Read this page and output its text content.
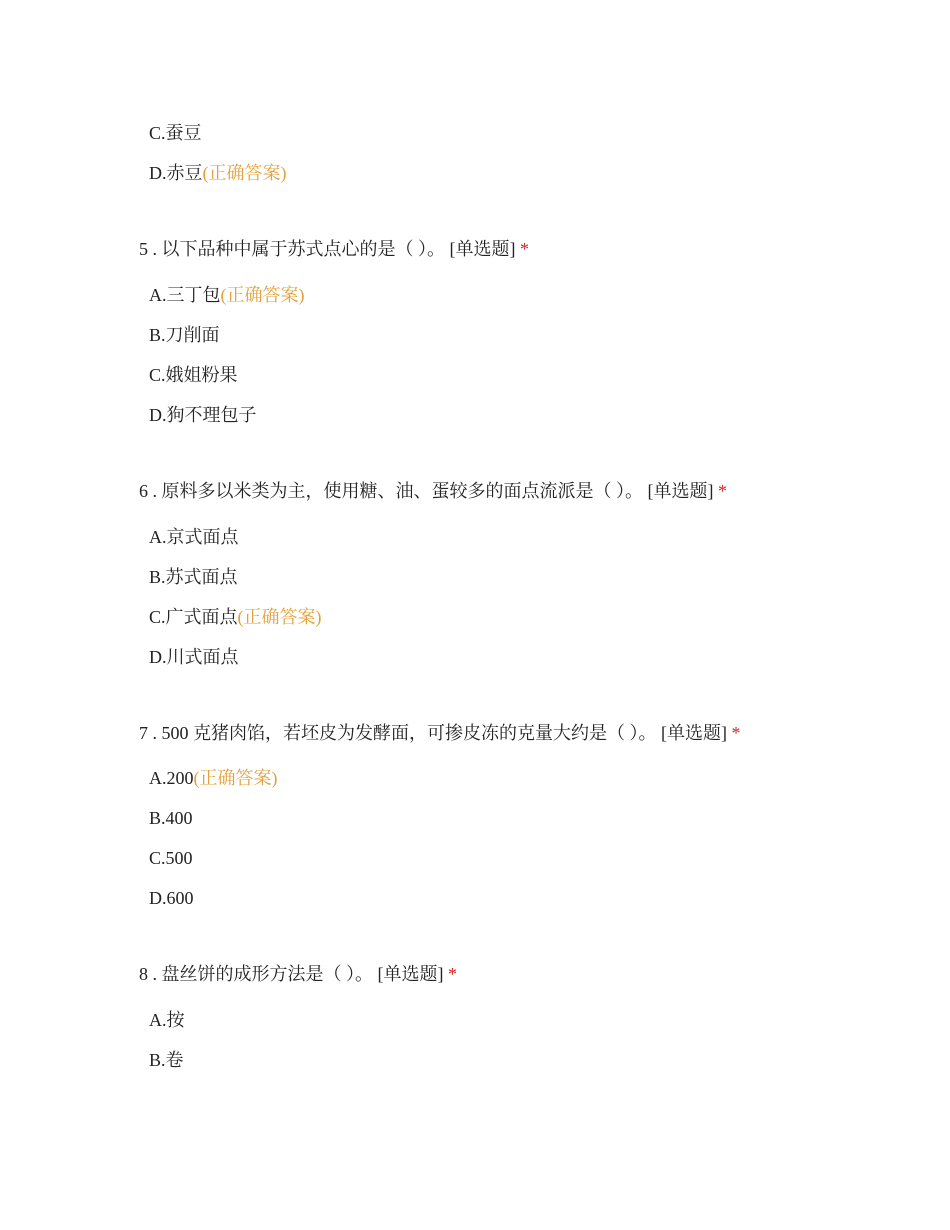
C.蚕豆
D.赤豆(正确答案)
5 . 以下品种中属于苏式点心的是（ ）。 [单选题] *
A.三丁包(正确答案)
B.刀削面
C.娥姐粉果
D.狗不理包子
6 . 原料多以米类为主，使用糖、油、蛋较多的面点流派是（ ）。 [单选题] *
A.京式面点
B.苏式面点
C.广式面点(正确答案)
D.川式面点
7 . 500 克猪肉馅，若坯皮为发酵面，可掺皮冻的克量大约是（ ）。 [单选题] *
A.200(正确答案)
B.400
C.500
D.600
8 . 盘丝饼的成形方法是（ ）。 [单选题] *
A.按
B.卷
